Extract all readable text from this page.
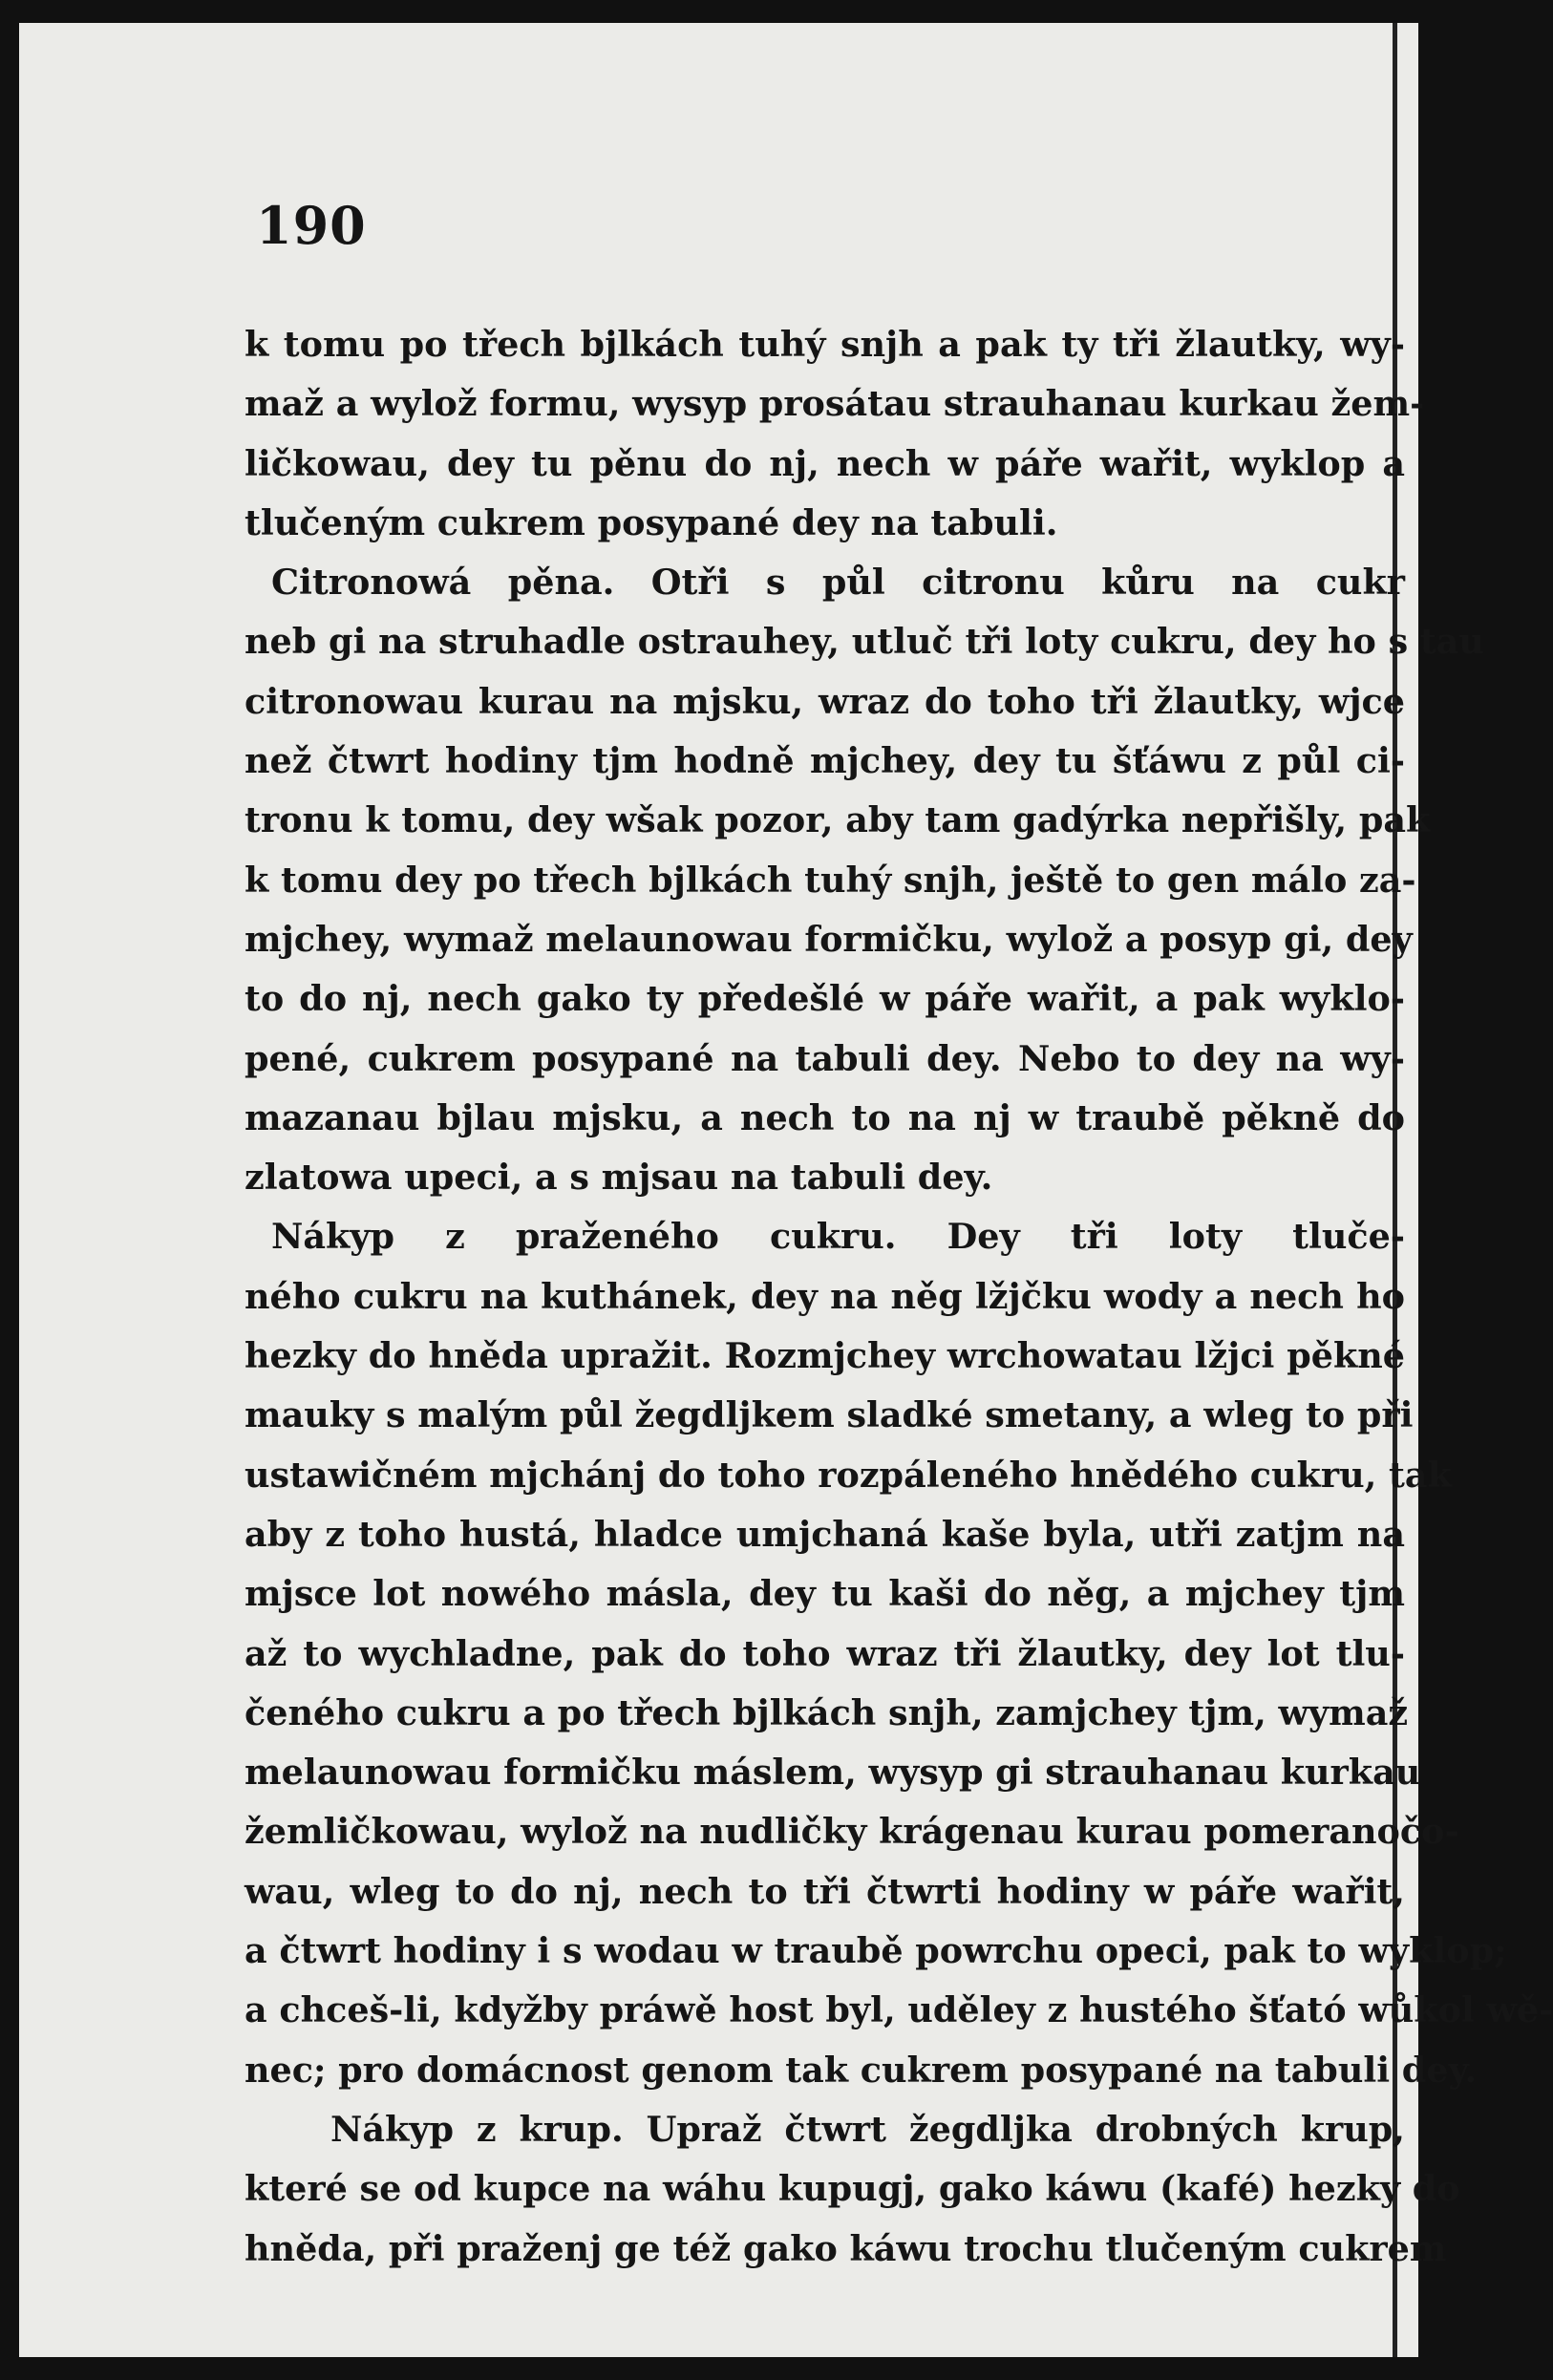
190
k tomu po třech bjlkách tuhý snjh a pak ty tři žlautky, wy-
maž a wylož formu, wysyp prosátau strauhanau kurkau žem-
ličkowau, dey tu pěnu do nj, nech w páře wařit, wyklop a
tlučeným cukrem posypané dey na tabuli.
Citronowá pěna. Otři s půl citronu kůru na cukr
neb gi na struhadle ostrauhey, utluč tři loty cukru, dey ho s tau
citronowau kurau na mjsku, wraz do toho tři žlautky, wjce
než čtwrt hodiny tjm hodně mjchey, dey tu šťáwu z půl ci-
tronu k tomu, dey wšak pozor, aby tam gadýrka nepřišly, pak
k tomu dey po třech bjlkách tuhý snjh, ještě to gen málo za-
mjchey, wymaž melaunowau formičku, wylož a posyp gi, dey
to do nj, nech gako ty předešlé w páře wařit, a pak wyklo-
pené, cukrem posypané na tabuli dey. Nebo to dey na wy-
mazanau bjlau mjsku, a nech to na nj w traubě pěkně do
zlatowa upeci, a s mjsau na tabuli dey.
Nákyp z praženého cukru. Dey tři loty tluče-
ného cukru na kuthánek, dey na něg lžjčku wody a nech ho
hezky do hněda upražit. Rozmjchey wrchowatau lžjci pěkné
mauky s malým půl žegdljkem sladké smetany, a wleg to při
ustawičném mjchánj do toho rozpáleného hnědého cukru, tak
aby z toho hustá, hladce umjchaná kaše byla, utři zatjm na
mjsce lot nowého másla, dey tu kaši do něg, a mjchey tjm
až to wychladne, pak do toho wraz tři žlautky, dey lot tlu-
čeného cukru a po třech bjlkách snjh, zamjchey tjm, wymaž
melaunowau formičku máslem, wysyp gi strauhanau kurkau
žemličkowau, wylož na nudličky krágenau kurau pomeranočo-
wau, wleg to do nj, nech to tři čtwrti hodiny w páře wařit,
a čtwrt hodiny i s wodau w traubě powrchu opeci, pak to wyklop;
a chceš-li, kdyžby práwě host byl, uděley z hustého šťató wůkol wě-
nec; pro domácnost genom tak cukrem posypané na tabuli dey.
Nákyp z krup. Upraž čtwrt žegdljka drobných krup,
které se od kupce na wáhu kupugj, gako káwu (kafé) hezky do
hněda, při praženj ge též gako káwu trochu tlučeným cukrem
